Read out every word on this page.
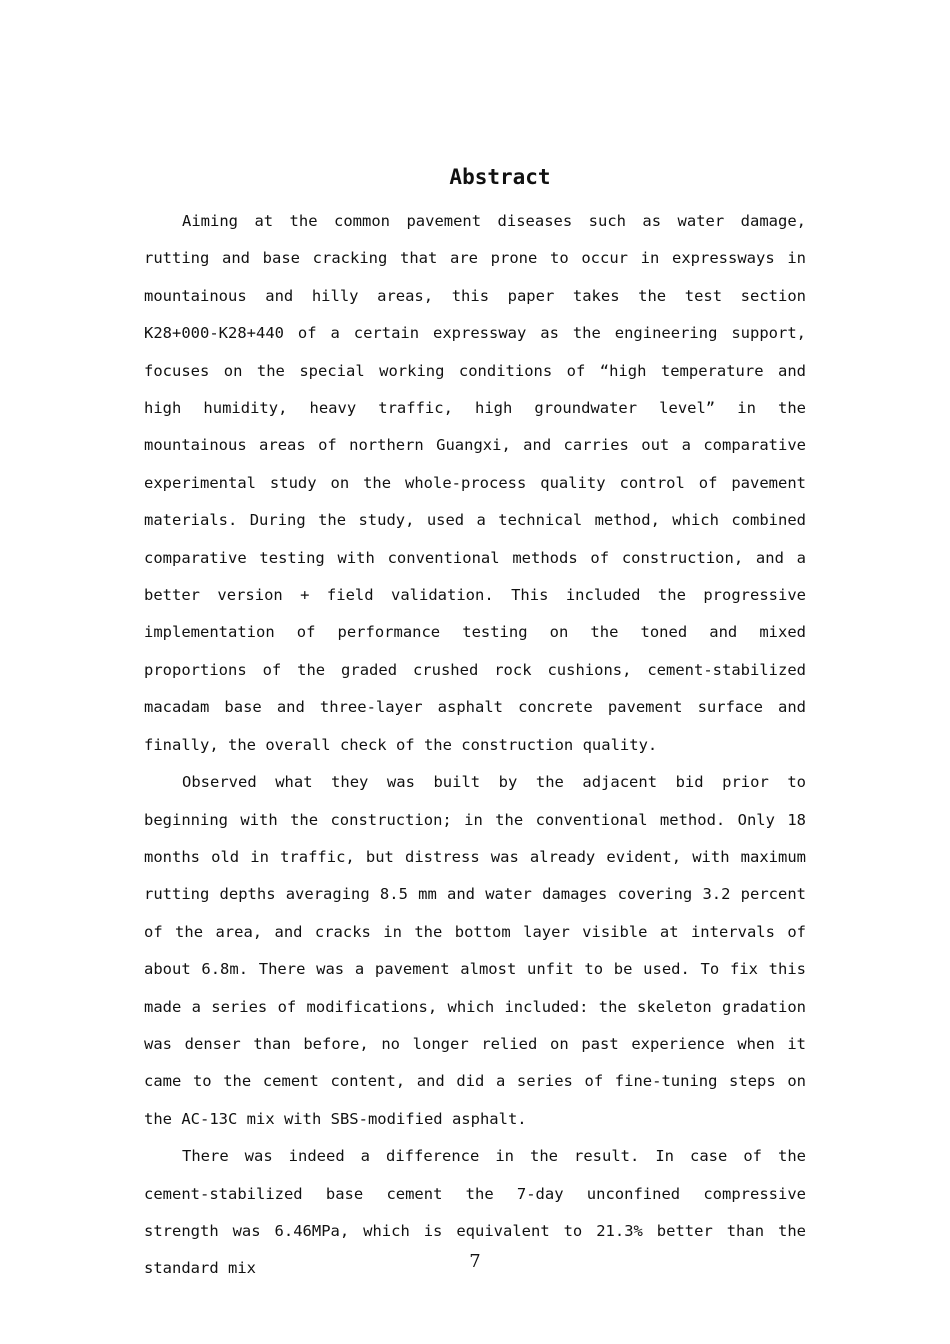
Abstract

Aiming at the common pavement diseases such as water damage, rutting and base cracking that are prone to occur in expressways in mountainous and hilly areas, this paper takes the test section K28+000-K28+440 of a certain expressway as the engineering support, focuses on the special working conditions of “high temperature and high humidity, heavy traffic, high groundwater level” in the mountainous areas of northern Guangxi, and carries out a comparative experimental study on the whole-process quality control of pavement materials. During the study, used a technical method, which combined comparative testing with conventional methods of construction, and a better version + field validation. This included the progressive implementation of performance testing on the toned and mixed proportions of the graded crushed rock cushions, cement-stabilized macadam base and three-layer asphalt concrete pavement surface and finally, the overall check of the construction quality.

Observed what they was built by the adjacent bid prior to beginning with the construction; in the conventional method. Only 18 months old in traffic, but distress was already evident, with maximum rutting depths averaging 8.5 mm and water damages covering 3.2 percent of the area, and cracks in the bottom layer visible at intervals of about 6.8m. There was a pavement almost unfit to be used. To fix this made a series of modifications, which included: the skeleton gradation was denser than before, no longer relied on past experience when it came to the cement content, and did a series of fine-tuning steps on the AC-13C mix with SBS-modified asphalt.

There was indeed a difference in the result. In case of the cement-stabilized base cement the 7-day unconfined compressive strength was 6.46MPa, which is equivalent to 21.3% better than the standard mix	7
